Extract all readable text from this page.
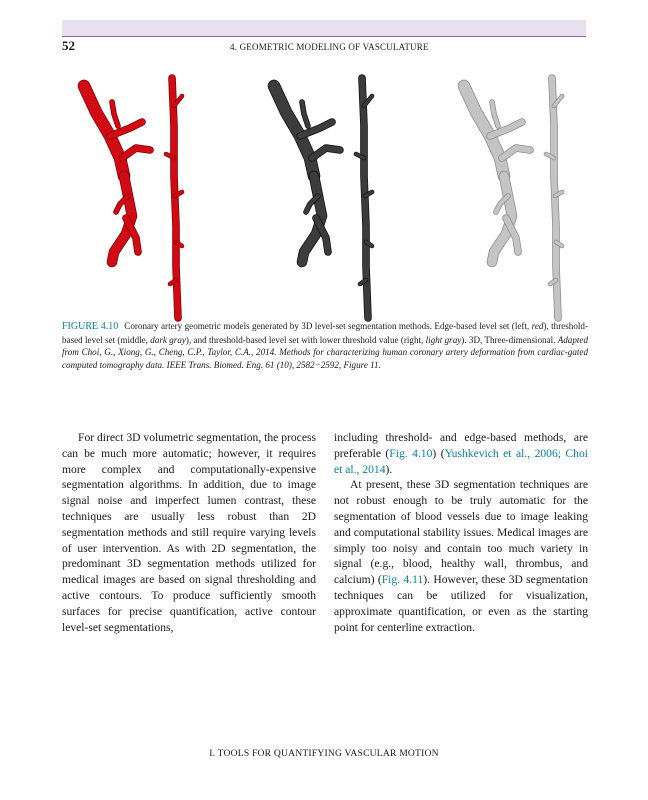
52	4. GEOMETRIC MODELING OF VASCULATURE
FIGURE 4.10 Coronary artery geometric models generated by 3D level-set segmentation methods. Edge-based level set (left, red), threshold-based level set (middle, dark gray), and threshold-based level set with lower threshold value (right, light gray). 3D, Three-dimensional. Adapted from Choi, G., Xiong, G., Cheng, C.P., Taylor, C.A., 2014. Methods for characterizing human coronary artery deformation from cardiac-gated computed tomography data. IEEE Trans. Biomed. Eng. 61 (10), 2582−2592, Figure 11.

For direct 3D volumetric segmentation, the process can be much more automatic; however, it requires more complex and computationally-expensive segmentation algorithms. In addition, due to image signal noise and imperfect lumen contrast, these techniques are usually less robust than 2D segmentation methods and still require varying levels of user intervention. As with 2D segmentation, the predominant 3D segmentation methods utilized for medical images are based on signal thresholding and active contours. To produce sufficiently smooth surfaces for precise quantification, active contour level-set segmentations,

including threshold- and edge-based methods, are preferable (Fig. 4.10) (Yushkevich et al., 2006; Choi et al., 2014).

At present, these 3D segmentation techniques are not robust enough to be truly automatic for the segmentation of blood vessels due to image leaking and computational stability issues. Medical images are simply too noisy and contain too much variety in signal (e.g., blood, healthy wall, thrombus, and calcium) (Fig. 4.11). However, these 3D segmentation techniques can be utilized for visualization, approximate quantification, or even as the starting point for centerline extraction.

I. TOOLS FOR QUANTIFYING VASCULAR MOTION
